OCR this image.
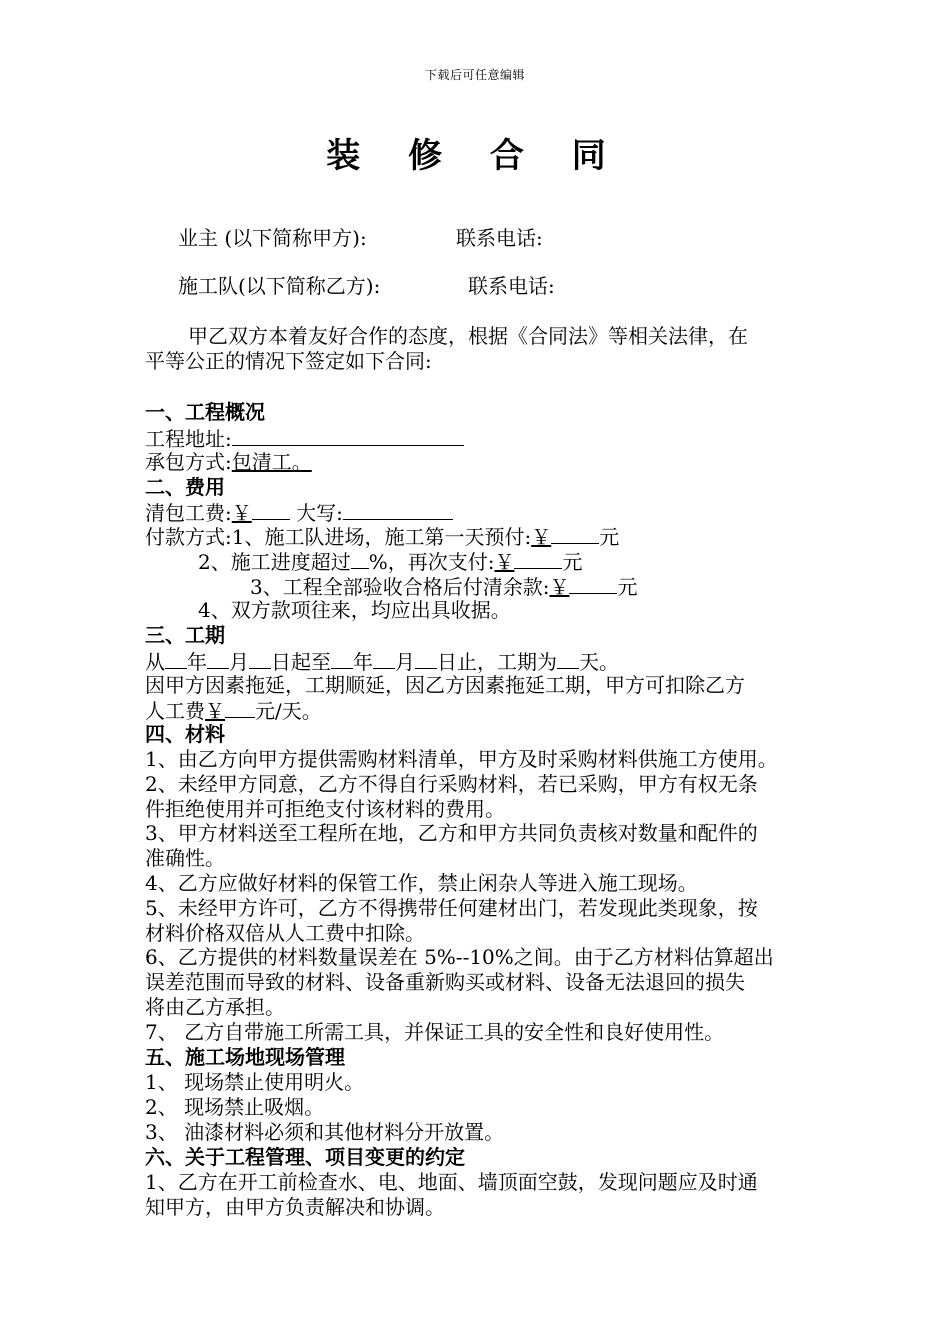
下载后可任意编辑
装 修 合 同
业主 (以下简称甲方):	联系电话:
施工队(以下简称乙方):	联系电话:
甲乙双方本着友好合作的态度，根据《合同法》等相关法律，在
平等公正的情况下签定如下合同:
一、工程概况
工程地址:
承包方式:包清工。
二、费用
清包工费:￥ 大写:
付款方式:1、施工队进场，施工第一天预付:￥ 元
2、施工进度超过 %，再次支付:￥ 元
3、工程全部验收合格后付清余款:￥ 元
4、双方款项往来，均应出具收据。
三、工期
从 年 月 日起至 年 月 日止，工期为 天。
因甲方因素拖延，工期顺延，因乙方因素拖延工期，甲方可扣除乙方
人工费￥ 元/天。
四、材料
1、由乙方向甲方提供需购材料清单，甲方及时采购材料供施工方使用。
2、未经甲方同意，乙方不得自行采购材料，若已采购，甲方有权无条
件拒绝使用并可拒绝支付该材料的费用。
3、甲方材料送至工程所在地，乙方和甲方共同负责核对数量和配件的
准确性。
4、乙方应做好材料的保管工作，禁止闲杂人等进入施工现场。
5、未经甲方许可，乙方不得携带任何建材出门，若发现此类现象，按
材料价格双倍从人工费中扣除。
6、乙方提供的材料数量误差在 5%--10%之间。由于乙方材料估算超出
误差范围而导致的材料、设备重新购买或材料、设备无法退回的损失
将由乙方承担。
7、 乙方自带施工所需工具，并保证工具的安全性和良好使用性。
五、施工场地现场管理
1、 现场禁止使用明火。
2、 现场禁止吸烟。
3、 油漆材料必须和其他材料分开放置。
六、关于工程管理、项目变更的约定
1、乙方在开工前检查水、电、地面、墙顶面空鼓，发现问题应及时通
知甲方，由甲方负责解决和协调。
